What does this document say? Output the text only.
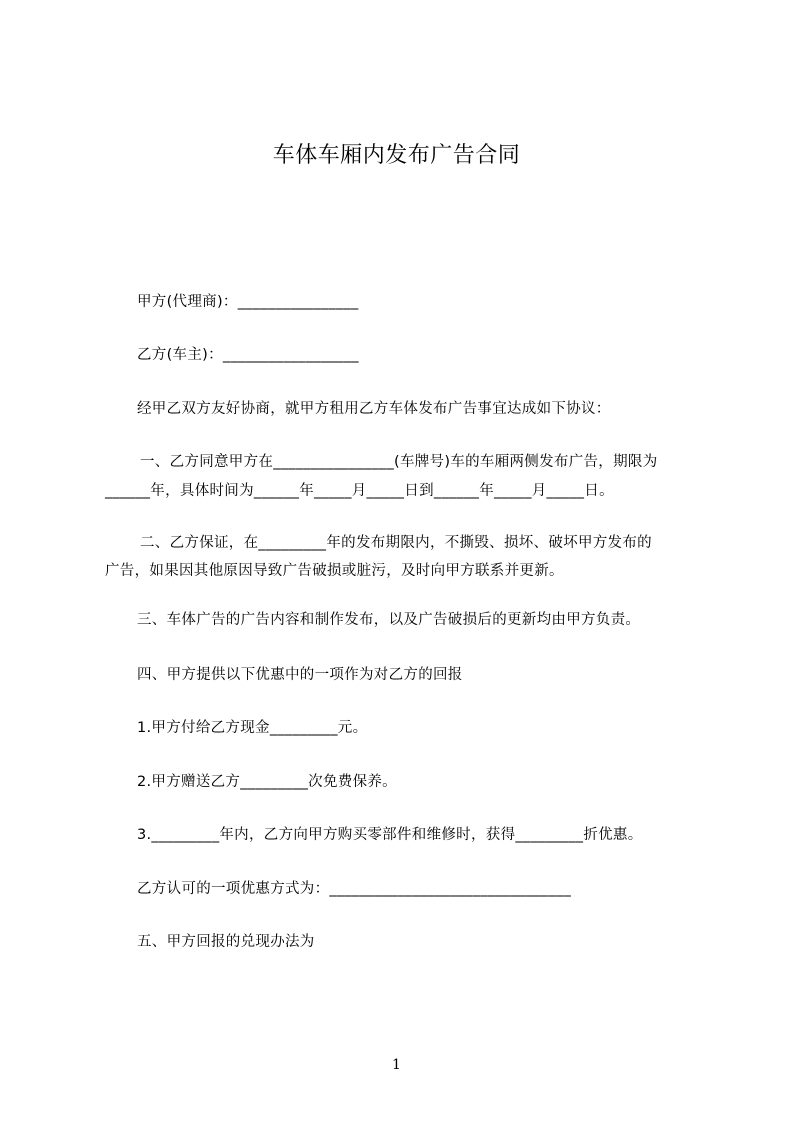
车体车厢内发布广告合同
甲方(代理商)：________________
乙方(车主)：__________________
经甲乙双方友好协商，就甲方租用乙方车体发布广告事宜达成如下协议：
一、乙方同意甲方在________________(车牌号)车的车厢两侧发布广告，期限为
______年，具体时间为______年_____月_____日到______年_____月_____日。
二、乙方保证，在_________年的发布期限内，不撕毁、损坏、破坏甲方发布的
广告，如果因其他原因导致广告破损或脏污，及时向甲方联系并更新。
三、车体广告的广告内容和制作发布，以及广告破损后的更新均由甲方负责。
四、甲方提供以下优惠中的一项作为对乙方的回报
1.甲方付给乙方现金_________元。
2.甲方赠送乙方_________次免费保养。
3._________年内，乙方向甲方购买零部件和维修时，获得_________折优惠。
乙方认可的一项优惠方式为：________________________________
五、甲方回报的兑现办法为
1
